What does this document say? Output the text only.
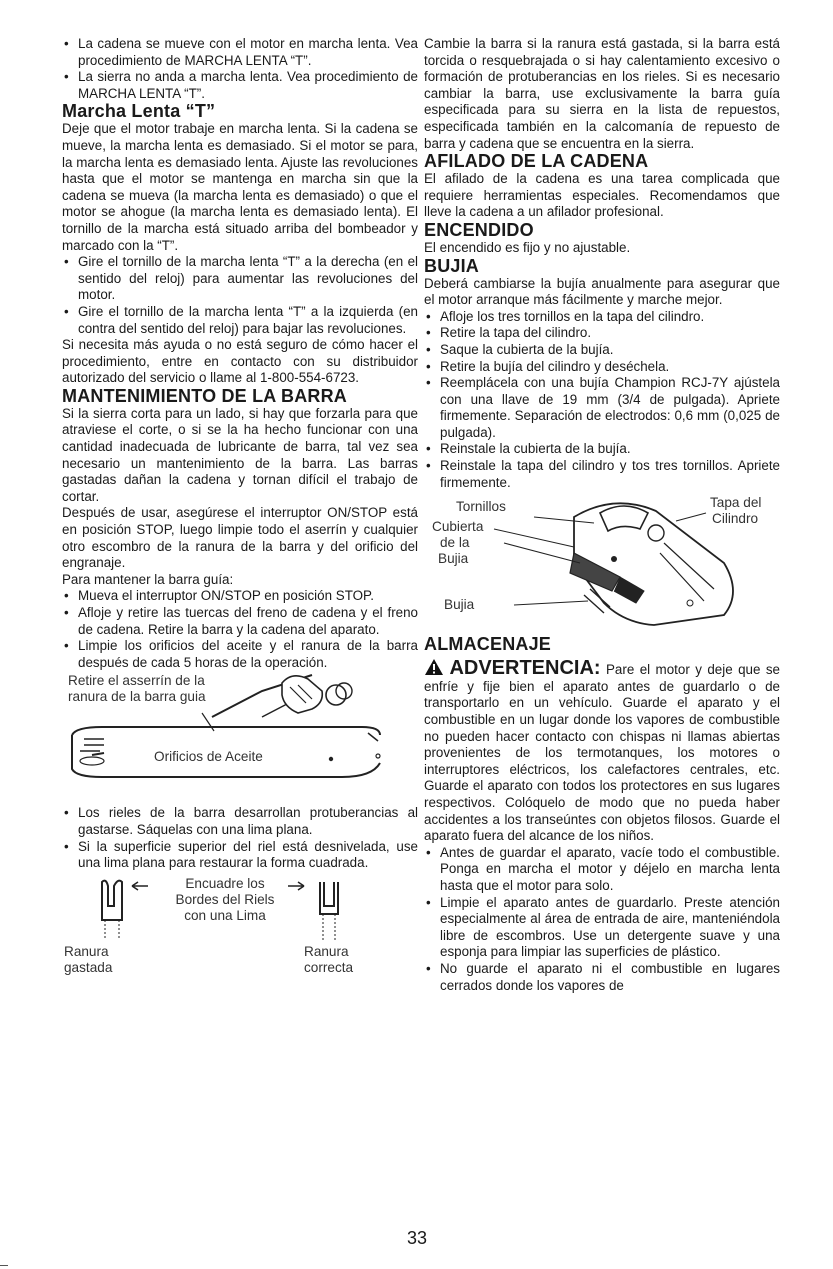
• La cadena se mueve con el motor en marcha lenta. Vea procedimiento de MARCHA LENTA “T”.
• La sierra no anda a marcha lenta. Vea procedimiento de MARCHA LENTA “T”.
Marcha Lenta “T”

Deje que el motor trabaje en marcha lenta. Si la cadena se mueve, la marcha lenta es demasiado. Si el motor se para, la marcha lenta es demasiado lenta. Ajuste las revoluciones hasta que el motor se mantenga en marcha sin que la cadena se mueva (la marcha lenta es demasiado) o que el motor se ahogue (la marcha lenta es demasiado lenta). El tornillo de la marcha está situado arriba del bombeador y marcado con la “T”.

• Gire el tornillo de la marcha lenta “T” a la derecha (en el sentido del reloj) para aumentar las revoluciones del motor.
• Gire el tornillo de la marcha lenta “T” a la izquierda (en contra del sentido del reloj) para bajar las revoluciones.

Si necesita más ayuda o no está seguro de cómo hacer el procedimiento, entre en contacto con su distribuidor autorizado del servicio o llame al 1-800-554-6723.

MANTENIMIENTO DE LA BARRA

Si la sierra corta para un lado, si hay que forzarla para que atraviese el corte, o si se la ha hecho funcionar con una cantidad inadecuada de lubricante de barra, tal vez sea necesario un mantenimiento de la barra. Las barras gastadas dañan la cadena y tornan difícil el trabajo de cortar.

Después de usar, asegúrese el interruptor ON/STOP está en posición STOP, luego limpie todo el aserrín y cualquier otro escombro de la ranura de la barra y del orificio del engranaje.

Para mantener la barra guía:

• Mueva el interruptor ON/STOP en posición STOP.
• Afloje y retire las tuercas del freno de cadena y el freno de cadena. Retire la barra y la cadena del aparato.
• Limpie los orificios del aceite y el ranura de la barra después de cada 5 horas de la operación.
Retire el asserrín de la
ranura de la barra guia
Orificios de Aceite
• Los rieles de la barra desarrollan protuberancias al gastarse. Sáquelas con una lima plana.
• Si la superficie superior del riel está desnivelada, use una lima plana para restaurar la forma cuadrada.
Encuadre los
Bordes del Riels
con una Lima
Ranura
gastada
Ranura
correcta

Cambie la barra si la ranura está gastada, si la barra está torcida o resquebrajada o si hay calentamiento excesivo o formación de protuberancias en los rieles. Si es necesario cambiar la barra, use exclusivamente la barra guía especificada para su sierra en la lista de repuestos, especificada también en la calcomanía de repuesto de barra y cadena que se encuentra en la sierra.

AFILADO DE LA CADENA

El afilado de la cadena es una tarea complicada que requiere herramientas especiales. Recomendamos que lleve la cadena a un afilador profesional.

ENCENDIDO

El encendido es fijo y no ajustable.

BUJIA

Deberá cambiarse la bujía anualmente para asegurar que el motor arranque más fácilmente y marche mejor.

• Afloje los tres tornillos en la tapa del cilindro.
• Retire la tapa del cilindro.
• Saque la cubierta de la bujía.
• Retire la bujía del cilindro y deséchela.
• Reemplácela con una bujía Champion RCJ-7Y ajústela con una llave de 19 mm (3/4 de pulgada). Apriete firmemente. Separación de electrodos: 0,6 mm (0,025 de pulgada).
• Reinstale la cubierta de la bujía.
• Reinstale la tapa del cilindro y tos tres tornillos. Apriete firmemente.
Tornillos	Tapa del
Cilindro
Cubierta
de la
Bujia
Bujia
ALMACENAJE

ADVERTENCIA: Pare el motor y deje que se enfríe y fije bien el aparato antes de guardarlo o de transportarlo en un vehículo. Guarde el aparato y el combustible en un lugar donde los vapores de combustible no pueden hacer contacto con chispas ni llamas abiertas provenientes de los termotanques, los motores o interruptores eléctricos, los calefactores centrales, etc. Guarde el aparato con todos los protectores en sus lugares respectivos. Colóquelo de modo que no pueda haber accidentes a los transeúntes con objetos filosos. Guarde el aparato fuera del alcance de los niños.

• Antes de guardar el aparato, vacíe todo el combustible. Ponga en marcha el motor y déjelo en marcha lenta hasta que el motor para solo.
• Limpie el aparato antes de guardarlo. Preste atención especialmente al área de entrada de aire, manteniéndola libre de escombros. Use un detergente suave y una esponja para limpiar las superficies de plástico.
• No guarde el aparato ni el combustible en lugares cerrados donde los vapores de
33
